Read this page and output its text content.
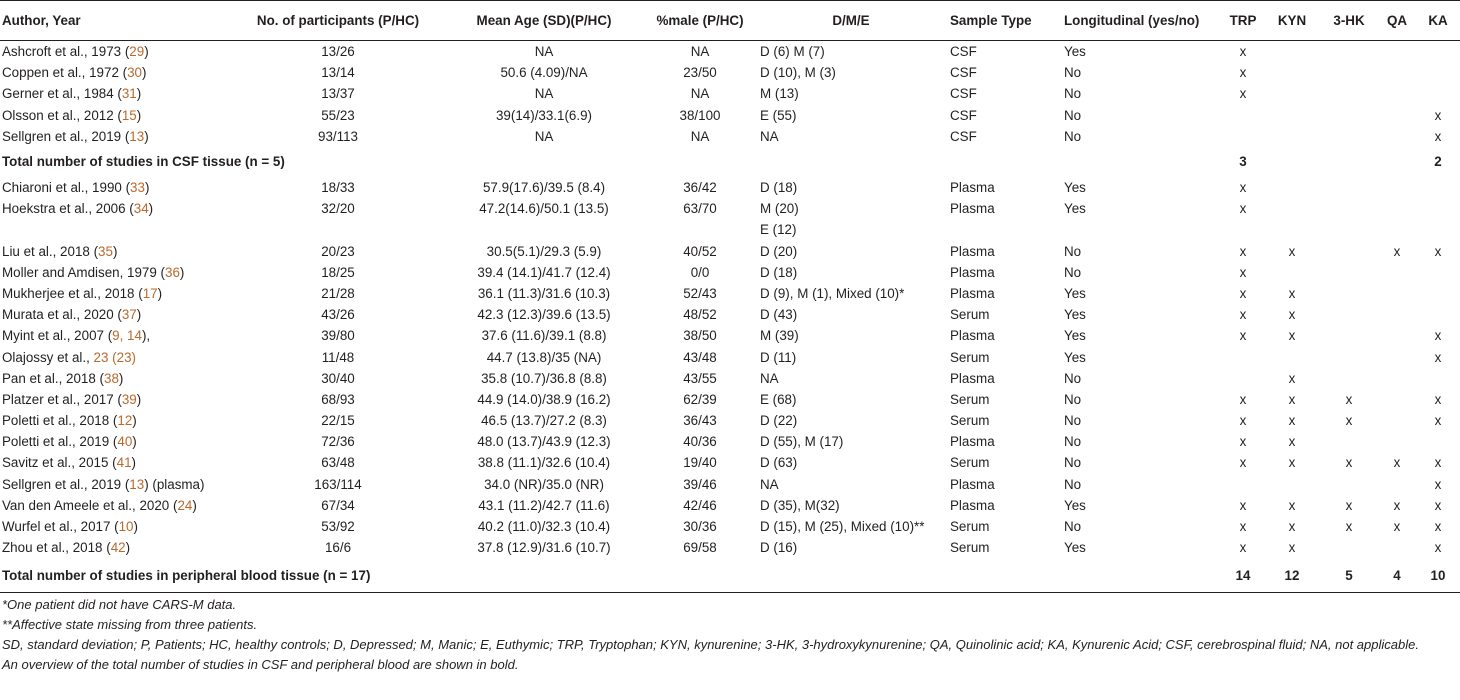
Author, Year	No. of participants (P/HC)	Mean Age (SD)(P/HC)	%male (P/HC)	D/M/E	Sample Type	Longitudinal (yes/no)	TRP	KYN	3-HK	QA	KA
Ashcroft et al., 1973 (29)	13/26	NA	NA	D (6) M (7)	CSF	Yes	x				
Coppen et al., 1972 (30)	13/14	50.6 (4.09)/NA	23/50	D (10), M (3)	CSF	No	x				
Gerner et al., 1984 (31)	13/37	NA	NA	M (13)	CSF	No	x				
Olsson et al., 2012 (15)	55/23	39(14)/33.1(6.9)	38/100	E (55)	CSF	No					x
Sellgren et al., 2019 (13)	93/113	NA	NA	NA	CSF	No					x
Total number of studies in CSF tissue (n = 5)							3				2
Chiaroni et al., 1990 (33)	18/33	57.9(17.6)/39.5 (8.4)	36/42	D (18)	Plasma	Yes	x				
Hoekstra et al., 2006 (34)	32/20	47.2(14.6)/50.1 (13.5)	63/70	M (20)	Plasma	Yes	x				
				E (12)							
Liu et al., 2018 (35)	20/23	30.5(5.1)/29.3 (5.9)	40/52	D (20)	Plasma	No	x	x		x	x
Moller and Amdisen, 1979 (36)	18/25	39.4 (14.1)/41.7 (12.4)	0/0	D (18)	Plasma	No	x				
Mukherjee et al., 2018 (17)	21/28	36.1 (11.3)/31.6 (10.3)	52/43	D (9), M (1), Mixed (10)*	Plasma	Yes	x	x			
Murata et al., 2020 (37)	43/26	42.3 (12.3)/39.6 (13.5)	48/52	D (43)	Serum	Yes	x	x			
Myint et al., 2007 (9, 14),	39/80	37.6 (11.6)/39.1 (8.8)	38/50	M (39)	Plasma	Yes	x	x			x
Olajossy et al., 23 (23)	11/48	44.7 (13.8)/35 (NA)	43/48	D (11)	Serum	Yes					x
Pan et al., 2018 (38)	30/40	35.8 (10.7)/36.8 (8.8)	43/55	NA	Plasma	No		x			
Platzer et al., 2017 (39)	68/93	44.9 (14.0)/38.9 (16.2)	62/39	E (68)	Serum	No	x	x	x		x
Poletti et al., 2018 (12)	22/15	46.5 (13.7)/27.2 (8.3)	36/43	D (22)	Serum	No	x	x	x		x
Poletti et al., 2019 (40)	72/36	48.0 (13.7)/43.9 (12.3)	40/36	D (55), M (17)	Plasma	No	x	x			
Savitz et al., 2015 (41)	63/48	38.8 (11.1)/32.6 (10.4)	19/40	D (63)	Serum	No	x	x	x	x	x
Sellgren et al., 2019 (13) (plasma)	163/114	34.0 (NR)/35.0 (NR)	39/46	NA	Plasma	No					x
Van den Ameele et al., 2020 (24)	67/34	43.1 (11.2)/42.7 (11.6)	42/46	D (35), M(32)	Plasma	Yes	x	x	x	x	x
Wurfel et al., 2017 (10)	53/92	40.2 (11.0)/32.3 (10.4)	30/36	D (15), M (25), Mixed (10)**	Serum	No	x	x	x	x	x
Zhou et al., 2018 (42)	16/6	37.8 (12.9)/31.6 (10.7)	69/58	D (16)	Serum	Yes	x	x			x
Total number of studies in peripheral blood tissue (n = 17)							14	12	5	4	10
*One patient did not have CARS-M data.
**Affective state missing from three patients.
SD, standard deviation; P, Patients; HC, healthy controls; D, Depressed; M, Manic; E, Euthymic; TRP, Tryptophan; KYN, kynurenine; 3-HK, 3-hydroxykynurenine; QA, Quinolinic acid; KA, Kynurenic Acid; CSF, cerebrospinal fluid; NA, not applicable.
An overview of the total number of studies in CSF and peripheral blood are shown in bold.
